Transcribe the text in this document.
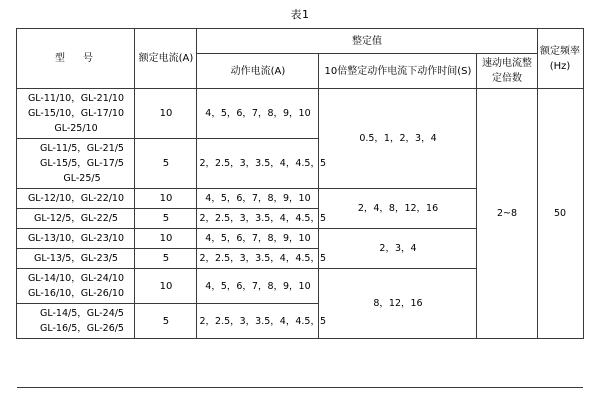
表1
型　号	额定电流(A)	整定值			额定频率(Hz)
		动作电流(A)	10倍整定动作电流下动作时间(S)	速动电流整定倍数	

GL-11/10，GL-21/10
GL-15/10，GL-17/10
GL-25/10	10	4，5，6，7，8，9，10	0.5，1，2，3，4	2~8	50

GL-11/5，GL-21/5
GL-15/5，GL-17/5
GL-25/5	5	2，2.5，3，3.5，4，4.5，5			

GL-12/10，GL-22/10	10	4，5，6，7，8，9，10	2，4，8，12，16		

GL-12/5，GL-22/5	5	2，2.5，3，3.5，4，4.5，5			

GL-13/10，GL-23/10	10	4，5，6，7，8，9，10	2，3，4		

GL-13/5，GL-23/5	5	2，2.5，3，3.5，4，4.5，5			

GL-14/10，GL-24/10
GL-16/10，GL-26/10	10	4，5，6，7，8，9，10	8，12，16		

GL-14/5，GL-24/5
GL-16/5，GL-26/5	5	2，2.5，3，3.5，4，4.5，5			
